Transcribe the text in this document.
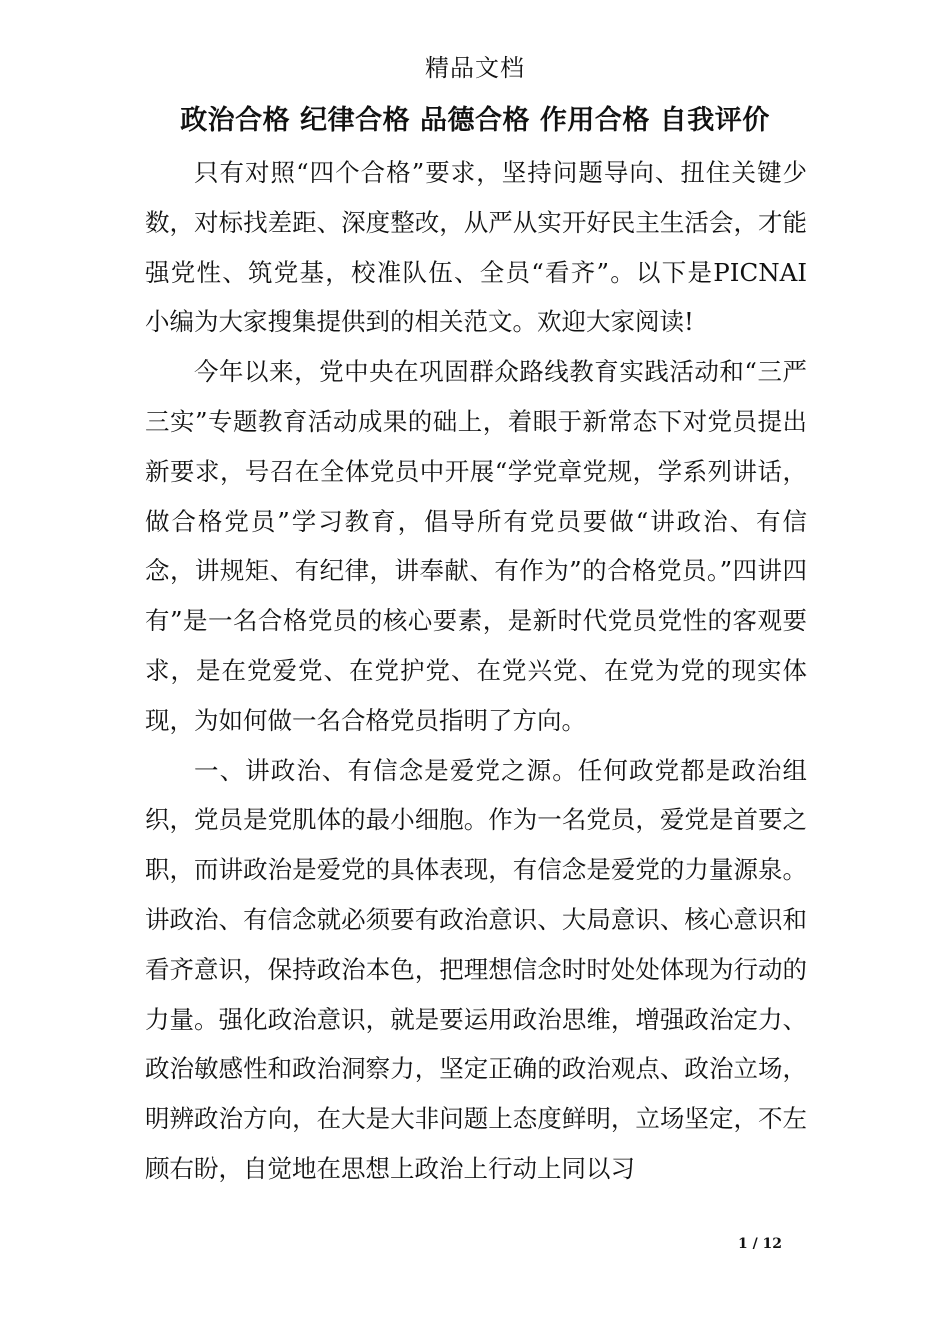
精品文档
政治合格 纪律合格 品德合格 作用合格 自我评价

只有对照“四个合格”要求，坚持问题导向、扭住关键少数，对标找差距、深度整改，从严从实开好民主生活会，才能强党性、筑党基，校准队伍、全员“看齐”。以下是PICNAI 小编为大家搜集提供到的相关范文。欢迎大家阅读!

今年以来，党中央在巩固群众路线教育实践活动和“三严三实”专题教育活动成果的础上，着眼于新常态下对党员提出新要求，号召在全体党员中开展“学党章党规，学系列讲话，做合格党员”学习教育，倡导所有党员要做“讲政治、有信念，讲规矩、有纪律，讲奉献、有作为”的合格党员。”四讲四有”是一名合格党员的核心要素，是新时代党员党性的客观要求，是在党爱党、在党护党、在党兴党、在党为党的现实体现，为如何做一名合格党员指明了方向。

一、讲政治、有信念是爱党之源。任何政党都是政治组织，党员是党肌体的最小细胞。作为一名党员，爱党是首要之职，而讲政治是爱党的具体表现，有信念是爱党的力量源泉。讲政治、有信念就必须要有政治意识、大局意识、核心意识和看齐意识，保持政治本色，把理想信念时时处处体现为行动的力量。强化政治意识，就是要运用政治思维，增强政治定力、政治敏感性和政治洞察力，坚定正确的政治观点、政治立场，明辨政治方向，在大是大非问题上态度鲜明，立场坚定，不左顾右盼，自觉地在思想上政治上行动上同以习

1 / 12
